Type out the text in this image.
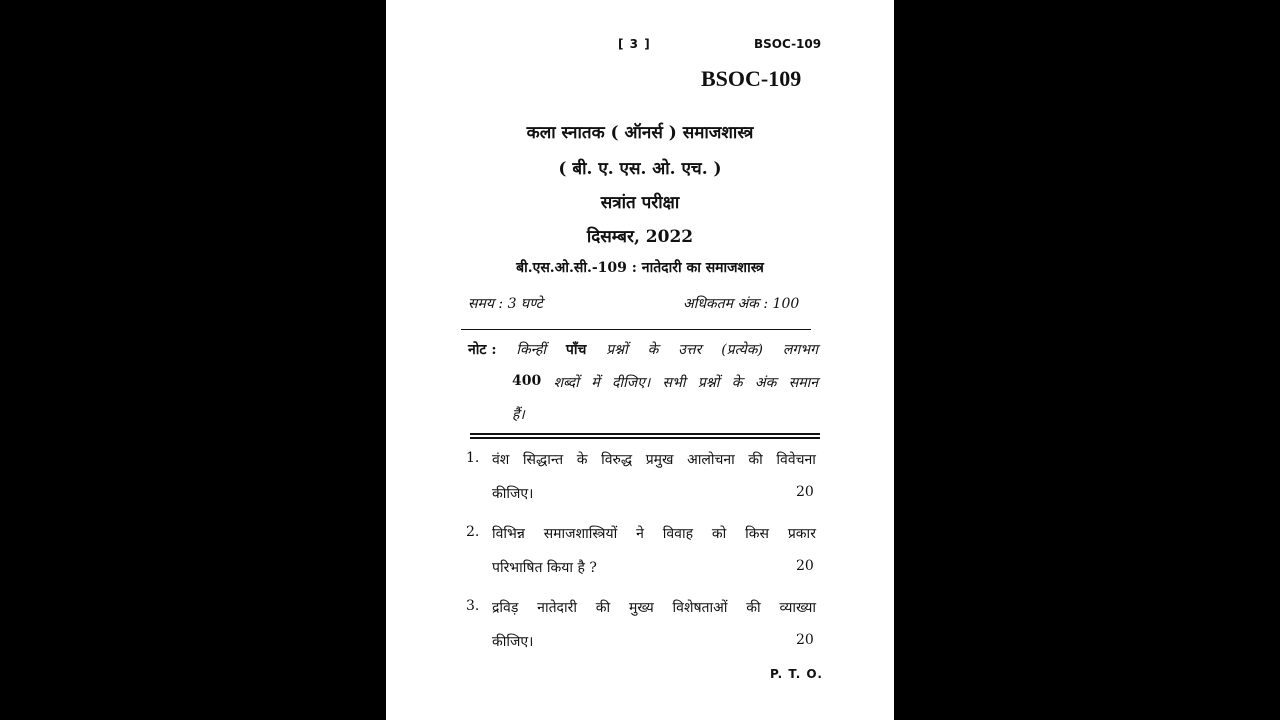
[ 3 ]	BSOC-109
BSOC-109
कला स्नातक ( ऑनर्स ) समाजशास्त्र
( बी. ए. एस. ओ. एच. )
सत्रांत परीक्षा
दिसम्बर, 2022
बी.एस.ओ.सी.-109 : नातेदारी का समाजशास्त्र
समय : 3 घण्टे	अधिकतम अंक : 100
नोट : किन्हीं पाँच प्रश्नों के उत्तर (प्रत्येक) लगभग
400 शब्दों में दीजिए। सभी प्रश्नों के अंक समान
हैं।
1. वंश सिद्धान्त के विरुद्ध प्रमुख आलोचना की विवेचना
कीजिए।	20
2. विभिन्न समाजशास्त्रियों ने विवाह को किस प्रकार
परिभाषित किया है ?	20
3. द्रविड़ नातेदारी की मुख्य विशेषताओं की व्याख्या
कीजिए।	20
P. T. O.
